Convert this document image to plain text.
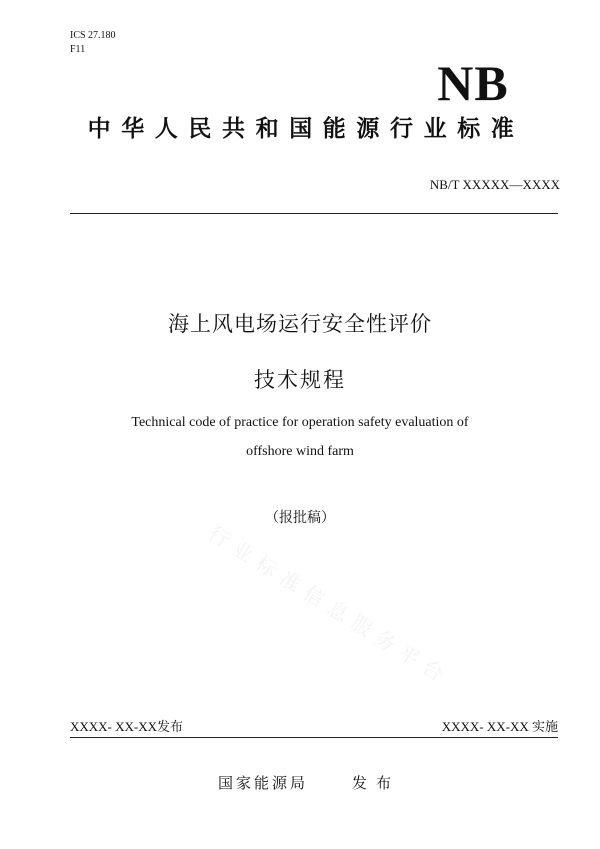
ICS 27.180
F11
NB
中华人民共和国能源行业标准
NB/T XXXXX—XXXX
海上风电场运行安全性评价
技术规程
Technical code of practice for operation safety evaluation of
offshore wind farm
（报批稿）
行业标准信息服务平台
XXXX- XX-XX发布	XXXX- XX-XX 实施
国家能源局	发布
